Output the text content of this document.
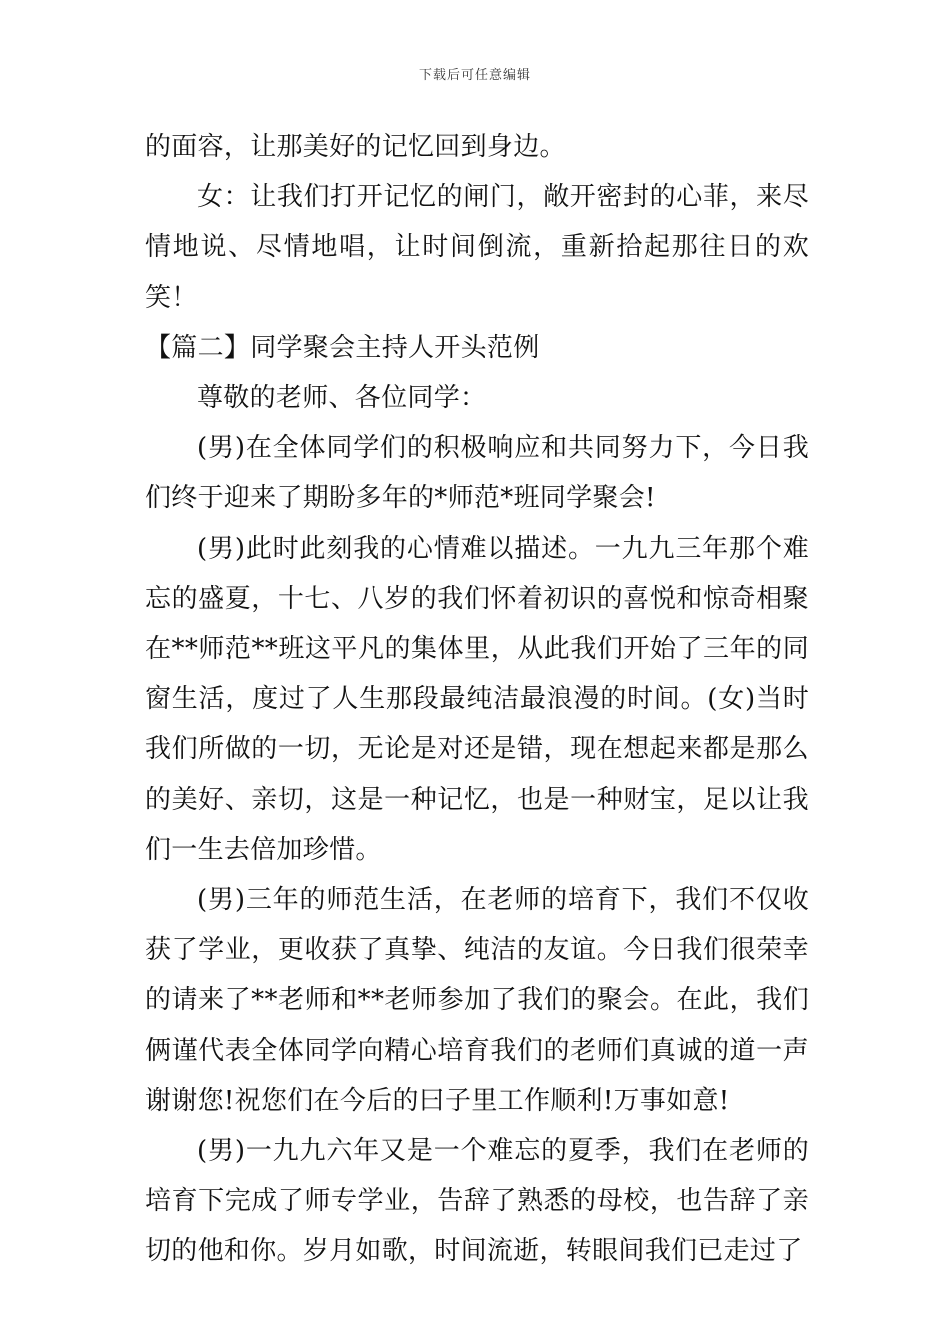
下载后可任意编辑

的面容，让那美好的记忆回到身边。

女：让我们打开记忆的闸门，敞开密封的心菲，来尽情地说、尽情地唱，让时间倒流，重新拾起那往日的欢笑！

【篇二】同学聚会主持人开头范例

尊敬的老师、各位同学：

(男)在全体同学们的积极响应和共同努力下，今日我们终于迎来了期盼多年的*师范*班同学聚会!

(男)此时此刻我的心情难以描述。一九九三年那个难忘的盛夏，十七、八岁的我们怀着初识的喜悦和惊奇相聚在**师范**班这平凡的集体里，从此我们开始了三年的同窗生活，度过了人生那段最纯洁最浪漫的时间。(女)当时我们所做的一切，无论是对还是错，现在想起来都是那么的美好、亲切，这是一种记忆，也是一种财宝，足以让我们一生去倍加珍惜。

(男)三年的师范生活，在老师的培育下，我们不仅收获了学业，更收获了真挚、纯洁的友谊。今日我们很荣幸的请来了**老师和**老师参加了我们的聚会。在此，我们俩谨代表全体同学向精心培育我们的老师们真诚的道一声谢谢您!祝您们在今后的曰子里工作顺利!万事如意!

(男)一九九六年又是一个难忘的夏季，我们在老师的培育下完成了师专学业，告辞了熟悉的母校，也告辞了亲切的他和你。岁月如歌，时间流逝，转眼间我们已走过了
